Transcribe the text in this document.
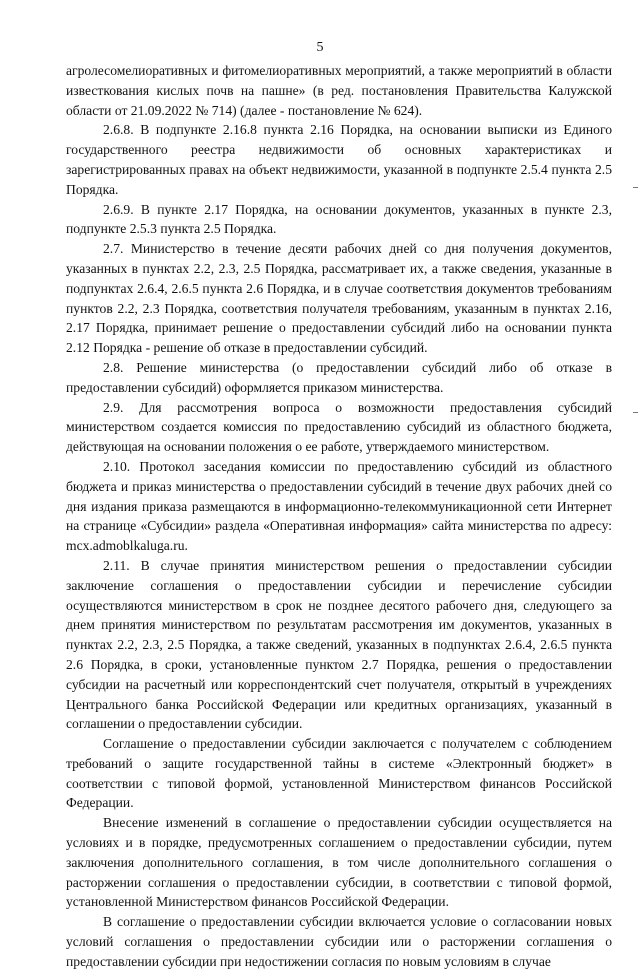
5

агролесомелиоративных и фитомелиоративных мероприятий, а также мероприятий в области известкования кислых почв на пашне» (в ред. постановления Правительства Калужской области от 21.09.2022 № 714) (далее - постановление № 624).

2.6.8. В подпункте 2.16.8 пункта 2.16 Порядка, на основании выписки из Единого государственного реестра недвижимости об основных характеристиках и зарегистрированных правах на объект недвижимости, указанной в подпункте 2.5.4 пункта 2.5 Порядка.

2.6.9. В пункте 2.17 Порядка, на основании документов, указанных в пункте 2.3, подпункте 2.5.3 пункта 2.5 Порядка.

2.7. Министерство в течение десяти рабочих дней со дня получения документов, указанных в пунктах 2.2, 2.3, 2.5 Порядка, рассматривает их, а также сведения, указанные в подпунктах 2.6.4, 2.6.5 пункта 2.6 Порядка, и в случае соответствия документов требованиям пунктов 2.2, 2.3 Порядка, соответствия получателя требованиям, указанным в пунктах 2.16, 2.17 Порядка, принимает решение о предоставлении субсидий либо на основании пункта 2.12 Порядка - решение об отказе в предоставлении субсидий.

2.8. Решение министерства (о предоставлении субсидий либо об отказе в предоставлении субсидий) оформляется приказом министерства.

2.9. Для рассмотрения вопроса о возможности предоставления субсидий министерством создается комиссия по предоставлению субсидий из областного бюджета, действующая на основании положения о ее работе, утверждаемого министерством.

2.10. Протокол заседания комиссии по предоставлению субсидий из областного бюджета и приказ министерства о предоставлении субсидий в течение двух рабочих дней со дня издания приказа размещаются в информационно-телекоммуникационной сети Интернет на странице «Субсидии» раздела «Оперативная информация» сайта министерства по адресу: mcx.admoblkaluga.ru.

2.11. В случае принятия министерством решения о предоставлении субсидии заключение соглашения о предоставлении субсидии и перечисление субсидии осуществляются министерством в срок не позднее десятого рабочего дня, следующего за днем принятия министерством по результатам рассмотрения им документов, указанных в пунктах 2.2, 2.3, 2.5 Порядка, а также сведений, указанных в подпунктах 2.6.4, 2.6.5 пункта 2.6 Порядка, в сроки, установленные пунктом 2.7 Порядка, решения о предоставлении субсидии на расчетный или корреспондентский счет получателя, открытый в учреждениях Центрального банка Российской Федерации или кредитных организациях, указанный в соглашении о предоставлении субсидии.

Соглашение о предоставлении субсидии заключается с получателем с соблюдением требований о защите государственной тайны в системе «Электронный бюджет» в соответствии с типовой формой, установленной Министерством финансов Российской Федерации.

Внесение изменений в соглашение о предоставлении субсидии осуществляется на условиях и в порядке, предусмотренных соглашением о предоставлении субсидии, путем заключения дополнительного соглашения, в том числе дополнительного соглашения о расторжении соглашения о предоставлении субсидии, в соответствии с типовой формой, установленной Министерством финансов Российской Федерации.

В соглашение о предоставлении субсидии включается условие о согласовании новых условий соглашения о предоставлении субсидии или о расторжении соглашения о предоставлении субсидии при недостижении согласия по новым условиям в случае
